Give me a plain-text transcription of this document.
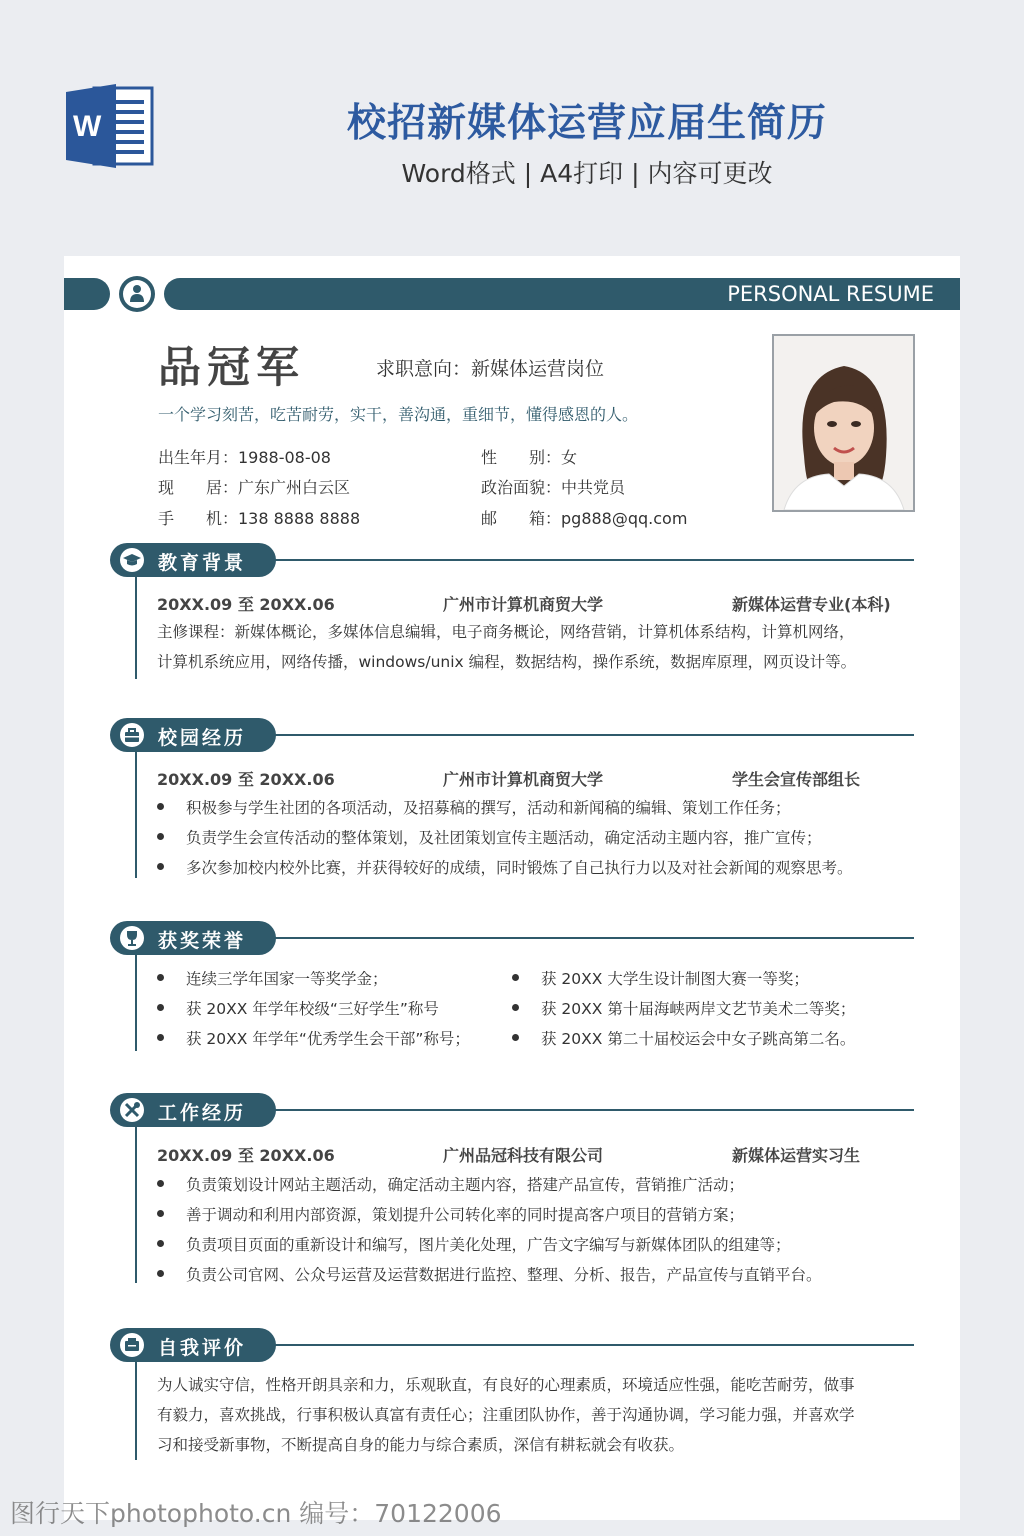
W	校招新媒体运营应届生简历
Word格式 | A4打印 | 内容可更改
PERSONAL RESUME
品冠军	求职意向：新媒体运营岗位
一个学习刻苦，吃苦耐劳，实干，善沟通，重细节，懂得感恩的人。
出生年月：1988-08-08	性　　别：女
现　　居：广东广州白云区	政治面貌：中共党员
手　　机：138 8888 8888	邮　　箱：pg888@qq.com
教育背景
20XX.09 至 20XX.06	广州市计算机商贸大学	新媒体运营专业(本科)
主修课程：新媒体概论，多媒体信息编辑，电子商务概论，网络营销，计算机体系结构，计算机网络，
计算机系统应用，网络传播，windows/unix 编程，数据结构，操作系统，数据库原理，网页设计等。
校园经历
20XX.09 至 20XX.06	广州市计算机商贸大学	学生会宣传部组长
积极参与学生社团的各项活动，及招募稿的撰写，活动和新闻稿的编辑、策划工作任务；
负责学生会宣传活动的整体策划，及社团策划宣传主题活动，确定活动主题内容，推广宣传；
多次参加校内校外比赛，并获得较好的成绩，同时锻炼了自己执行力以及对社会新闻的观察思考。
获奖荣誉
连续三学年国家一等奖学金；
获 20XX 年学年校级“三好学生”称号
获 20XX 年学年“优秀学生会干部”称号；
获 20XX 大学生设计制图大赛一等奖；
获 20XX 第十届海峡两岸文艺节美术二等奖；
获 20XX 第二十届校运会中女子跳高第二名。
工作经历
20XX.09 至 20XX.06	广州品冠科技有限公司	新媒体运营实习生
负责策划设计网站主题活动，确定活动主题内容，搭建产品宣传，营销推广活动；
善于调动和利用内部资源，策划提升公司转化率的同时提高客户项目的营销方案；
负责项目页面的重新设计和编写，图片美化处理，广告文字编写与新媒体团队的组建等；
负责公司官网、公众号运营及运营数据进行监控、整理、分析、报告，产品宣传与直销平台。
自我评价
为人诚实守信，性格开朗具亲和力，乐观耿直，有良好的心理素质，环境适应性强，能吃苦耐劳，做事
有毅力，喜欢挑战，行事积极认真富有责任心；注重团队协作，善于沟通协调，学习能力强，并喜欢学
习和接受新事物，不断提高自身的能力与综合素质，深信有耕耘就会有收获。
图行天下photophoto.cn 编号：70122006
